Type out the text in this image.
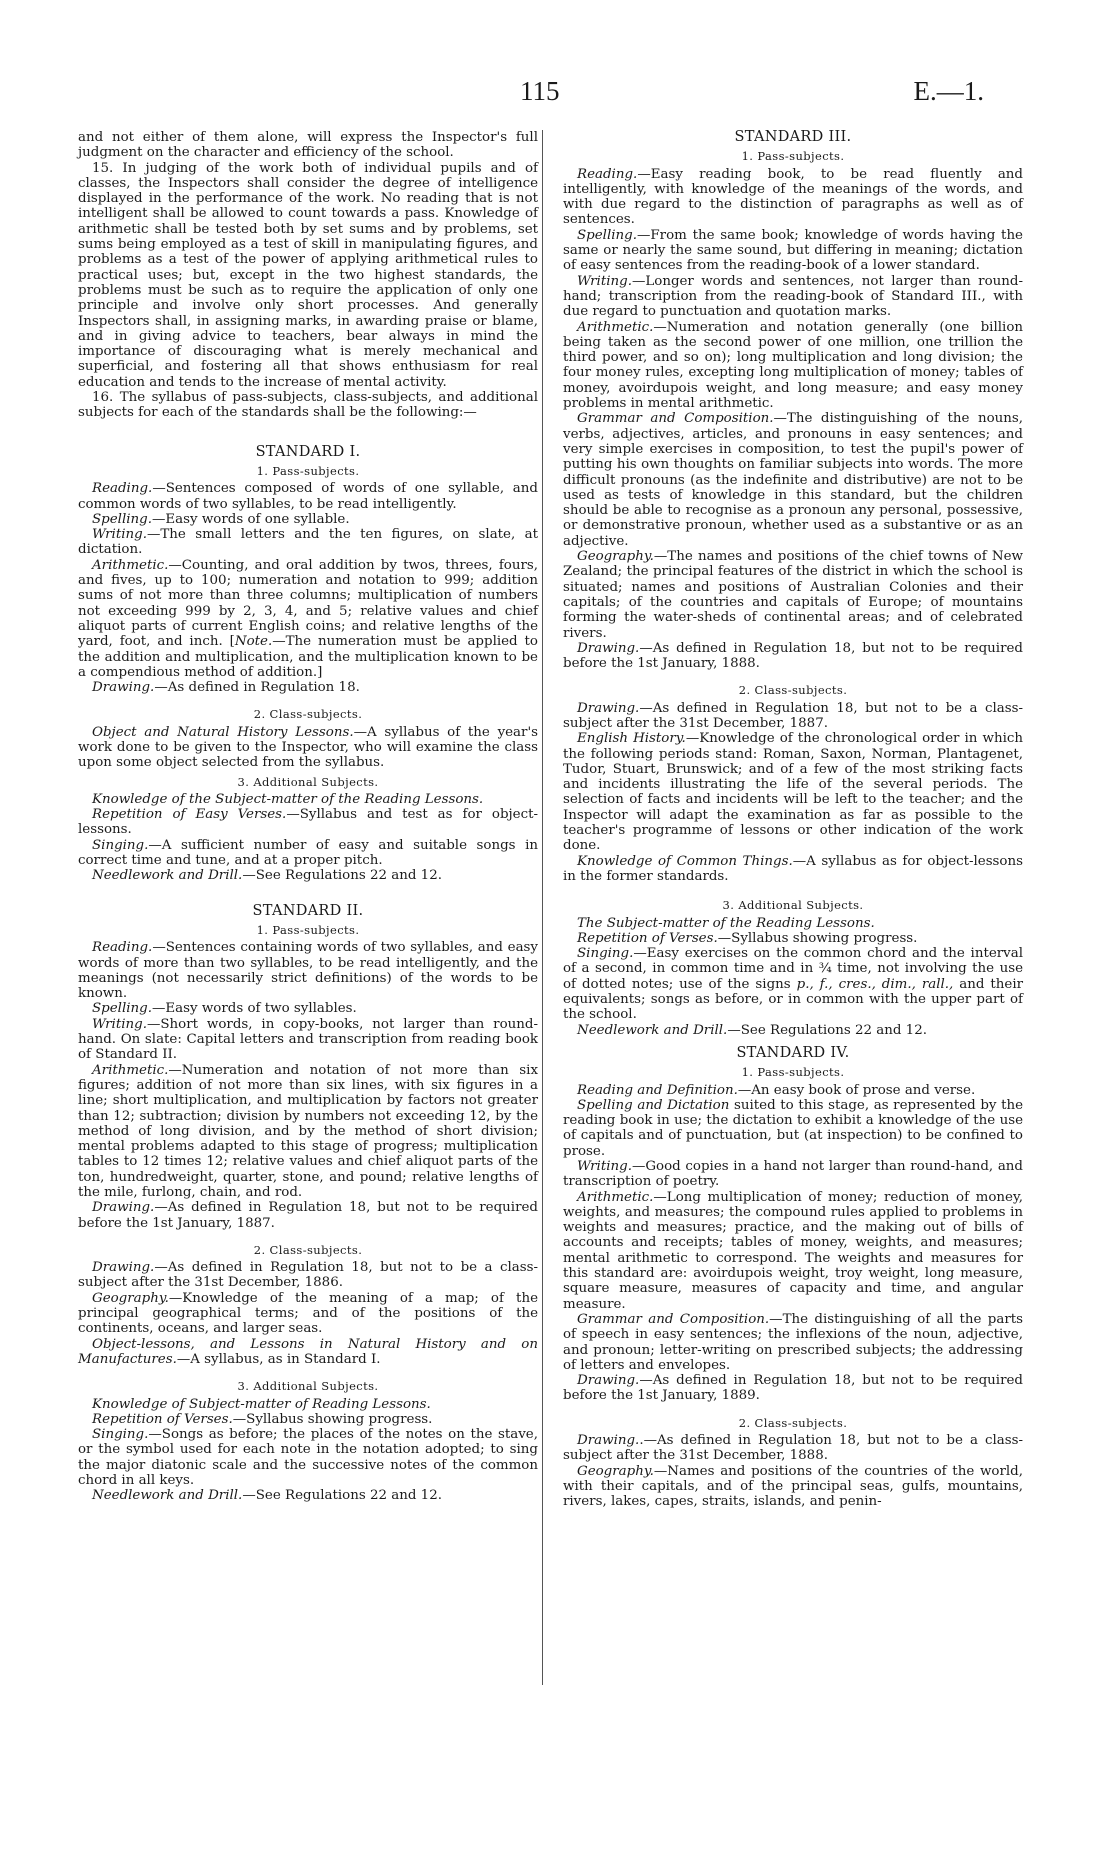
115	E.—1.

and not either of them alone, will express the Inspector's full judgment on the character and efficiency of the school.

15. In judging of the work both of individual pupils and of classes, the Inspectors shall consider the degree of intelligence displayed in the performance of the work. No reading that is not intelligent shall be allowed to count towards a pass. Knowledge of arithmetic shall be tested both by set sums and by problems, set sums being employed as a test of skill in manipulating figures, and problems as a test of the power of applying arithmetical rules to practical uses; but, except in the two highest standards, the problems must be such as to require the application of only one principle and involve only short processes. And generally Inspectors shall, in assigning marks, in awarding praise or blame, and in giving advice to teachers, bear always in mind the importance of discouraging what is merely mechanical and superficial, and fostering all that shows enthusiasm for real education and tends to the increase of mental activity.

16. The syllabus of pass-subjects, class-subjects, and additional subjects for each of the standards shall be the following:—

STANDARD I.
1. Pass-subjects.

Reading.—Sentences composed of words of one syllable, and common words of two syllables, to be read intelligently.

Spelling.—Easy words of one syllable.

Writing.—The small letters and the ten figures, on slate, at dictation.

Arithmetic.—Counting, and oral addition by twos, threes, fours, and fives, up to 100; numeration and notation to 999; addition sums of not more than three columns; multiplication of numbers not exceeding 999 by 2, 3, 4, and 5; relative values and chief aliquot parts of current English coins; and relative lengths of the yard, foot, and inch. [Note.—The numeration must be applied to the addition and multiplication, and the multiplication known to be a compendious method of addition.]

Drawing.—As defined in Regulation 18.

2. Class-subjects.

Object and Natural History Lessons.—A syllabus of the year's work done to be given to the Inspector, who will examine the class upon some object selected from the syllabus.

3. Additional Subjects.

Knowledge of the Subject-matter of the Reading Lessons.

Repetition of Easy Verses.—Syllabus and test as for object-lessons.

Singing.—A sufficient number of easy and suitable songs in correct time and tune, and at a proper pitch.

Needlework and Drill.—See Regulations 22 and 12.

STANDARD II.
1. Pass-subjects.

Reading.—Sentences containing words of two syllables, and easy words of more than two syllables, to be read intelligently, and the meanings (not necessarily strict definitions) of the words to be known.

Spelling.—Easy words of two syllables.

Writing.—Short words, in copy-books, not larger than round-hand. On slate: Capital letters and transcription from reading book of Standard II.

Arithmetic.—Numeration and notation of not more than six figures; addition of not more than six lines, with six figures in a line; short multiplication, and multiplication by factors not greater than 12; subtraction; division by numbers not exceeding 12, by the method of long division, and by the method of short division; mental problems adapted to this stage of progress; multiplication tables to 12 times 12; relative values and chief aliquot parts of the ton, hundredweight, quarter, stone, and pound; relative lengths of the mile, furlong, chain, and rod.

Drawing.—As defined in Regulation 18, but not to be required before the 1st January, 1887.

2. Class-subjects.

Drawing.—As defined in Regulation 18, but not to be a class-subject after the 31st December, 1886.

Geography.—Knowledge of the meaning of a map; of the principal geographical terms; and of the positions of the continents, oceans, and larger seas.

Object-lessons, and Lessons in Natural History and on Manufactures.—A syllabus, as in Standard I.

3. Additional Subjects.

Knowledge of Subject-matter of Reading Lessons.

Repetition of Verses.—Syllabus showing progress.

Singing.—Songs as before; the places of the notes on the stave, or the symbol used for each note in the notation adopted; to sing the major diatonic scale and the successive notes of the common chord in all keys.

Needlework and Drill.—See Regulations 22 and 12.

STANDARD III.
1. Pass-subjects.

Reading.—Easy reading book, to be read fluently and intelligently, with knowledge of the meanings of the words, and with due regard to the distinction of paragraphs as well as of sentences.

Spelling.—From the same book; knowledge of words having the same or nearly the same sound, but differing in meaning; dictation of easy sentences from the reading-book of a lower standard.

Writing.—Longer words and sentences, not larger than round-hand; transcription from the reading-book of Standard III., with due regard to punctuation and quotation marks.

Arithmetic.—Numeration and notation generally (one billion being taken as the second power of one million, one trillion the third power, and so on); long multiplication and long division; the four money rules, excepting long multiplication of money; tables of money, avoirdupois weight, and long measure; and easy money problems in mental arithmetic.

Grammar and Composition.—The distinguishing of the nouns, verbs, adjectives, articles, and pronouns in easy sentences; and very simple exercises in composition, to test the pupil's power of putting his own thoughts on familiar subjects into words. The more difficult pronouns (as the indefinite and distributive) are not to be used as tests of knowledge in this standard, but the children should be able to recognise as a pronoun any personal, possessive, or demonstrative pronoun, whether used as a substantive or as an adjective.

Geography.—The names and positions of the chief towns of New Zealand; the principal features of the district in which the school is situated; names and positions of Australian Colonies and their capitals; of the countries and capitals of Europe; of mountains forming the water-sheds of continental areas; and of celebrated rivers.

Drawing.—As defined in Regulation 18, but not to be required before the 1st January, 1888.

2. Class-subjects.

Drawing.—As defined in Regulation 18, but not to be a class-subject after the 31st December, 1887.

English History.—Knowledge of the chronological order in which the following periods stand: Roman, Saxon, Norman, Plantagenet, Tudor, Stuart, Brunswick; and of a few of the most striking facts and incidents illustrating the life of the several periods. The selection of facts and incidents will be left to the teacher; and the Inspector will adapt the examination as far as possible to the teacher's programme of lessons or other indication of the work done.

Knowledge of Common Things.—A syllabus as for object-lessons in the former standards.

3. Additional Subjects.

The Subject-matter of the Reading Lessons.

Repetition of Verses.—Syllabus showing progress.

Singing.—Easy exercises on the common chord and the interval of a second, in common time and in ¾ time, not involving the use of dotted notes; use of the signs p., f., cres., dim., rall., and their equivalents; songs as before, or in common with the upper part of the school.

Needlework and Drill.—See Regulations 22 and 12.

STANDARD IV.
1. Pass-subjects.

Reading and Definition.—An easy book of prose and verse.

Spelling and Dictation suited to this stage, as represented by the reading book in use; the dictation to exhibit a knowledge of the use of capitals and of punctuation, but (at inspection) to be confined to prose.

Writing.—Good copies in a hand not larger than round-hand, and transcription of poetry.

Arithmetic.—Long multiplication of money; reduction of money, weights, and measures; the compound rules applied to problems in weights and measures; practice, and the making out of bills of accounts and receipts; tables of money, weights, and measures; mental arithmetic to correspond. The weights and measures for this standard are: avoirdupois weight, troy weight, long measure, square measure, measures of capacity and time, and angular measure.

Grammar and Composition.—The distinguishing of all the parts of speech in easy sentences; the inflexions of the noun, adjective, and pronoun; letter-writing on prescribed subjects; the addressing of letters and envelopes.

Drawing.—As defined in Regulation 18, but not to be required before the 1st January, 1889.

2. Class-subjects.

Drawing..—As defined in Regulation 18, but not to be a class-subject after the 31st December, 1888.

Geography.—Names and positions of the countries of the world, with their capitals, and of the principal seas, gulfs, mountains, rivers, lakes, capes, straits, islands, and penin-
